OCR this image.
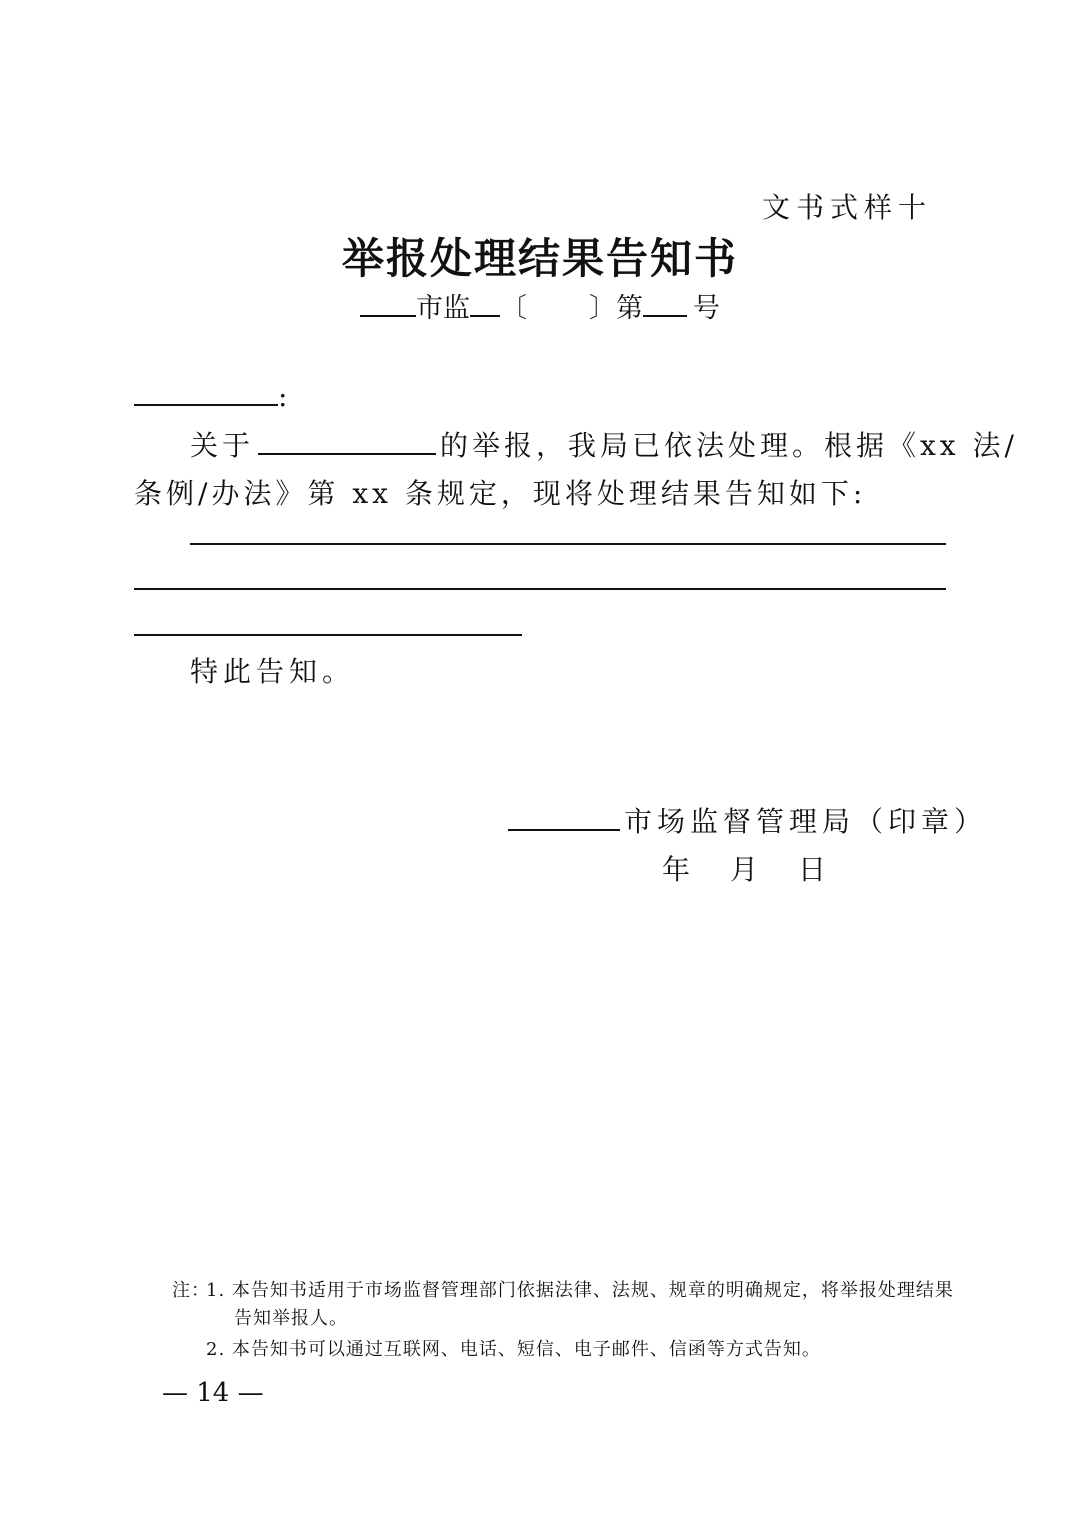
文书式样十
举报处理结果告知书
市监 〔 〕第 号
:
关于	的举报，我局已依法处理。根据《xx 法/
条例/办法》第 xx 条规定，现将处理结果告知如下:
特此告知。
市场监督管理局（印章）
年 月 日
注：
1. 本告知书适用于市场监督管理部门依据法律、法规、规章的明确规定，将举报处理结果
告知举报人。
2. 本告知书可以通过互联网、电话、短信、电子邮件、信函等方式告知。
— 14 —
